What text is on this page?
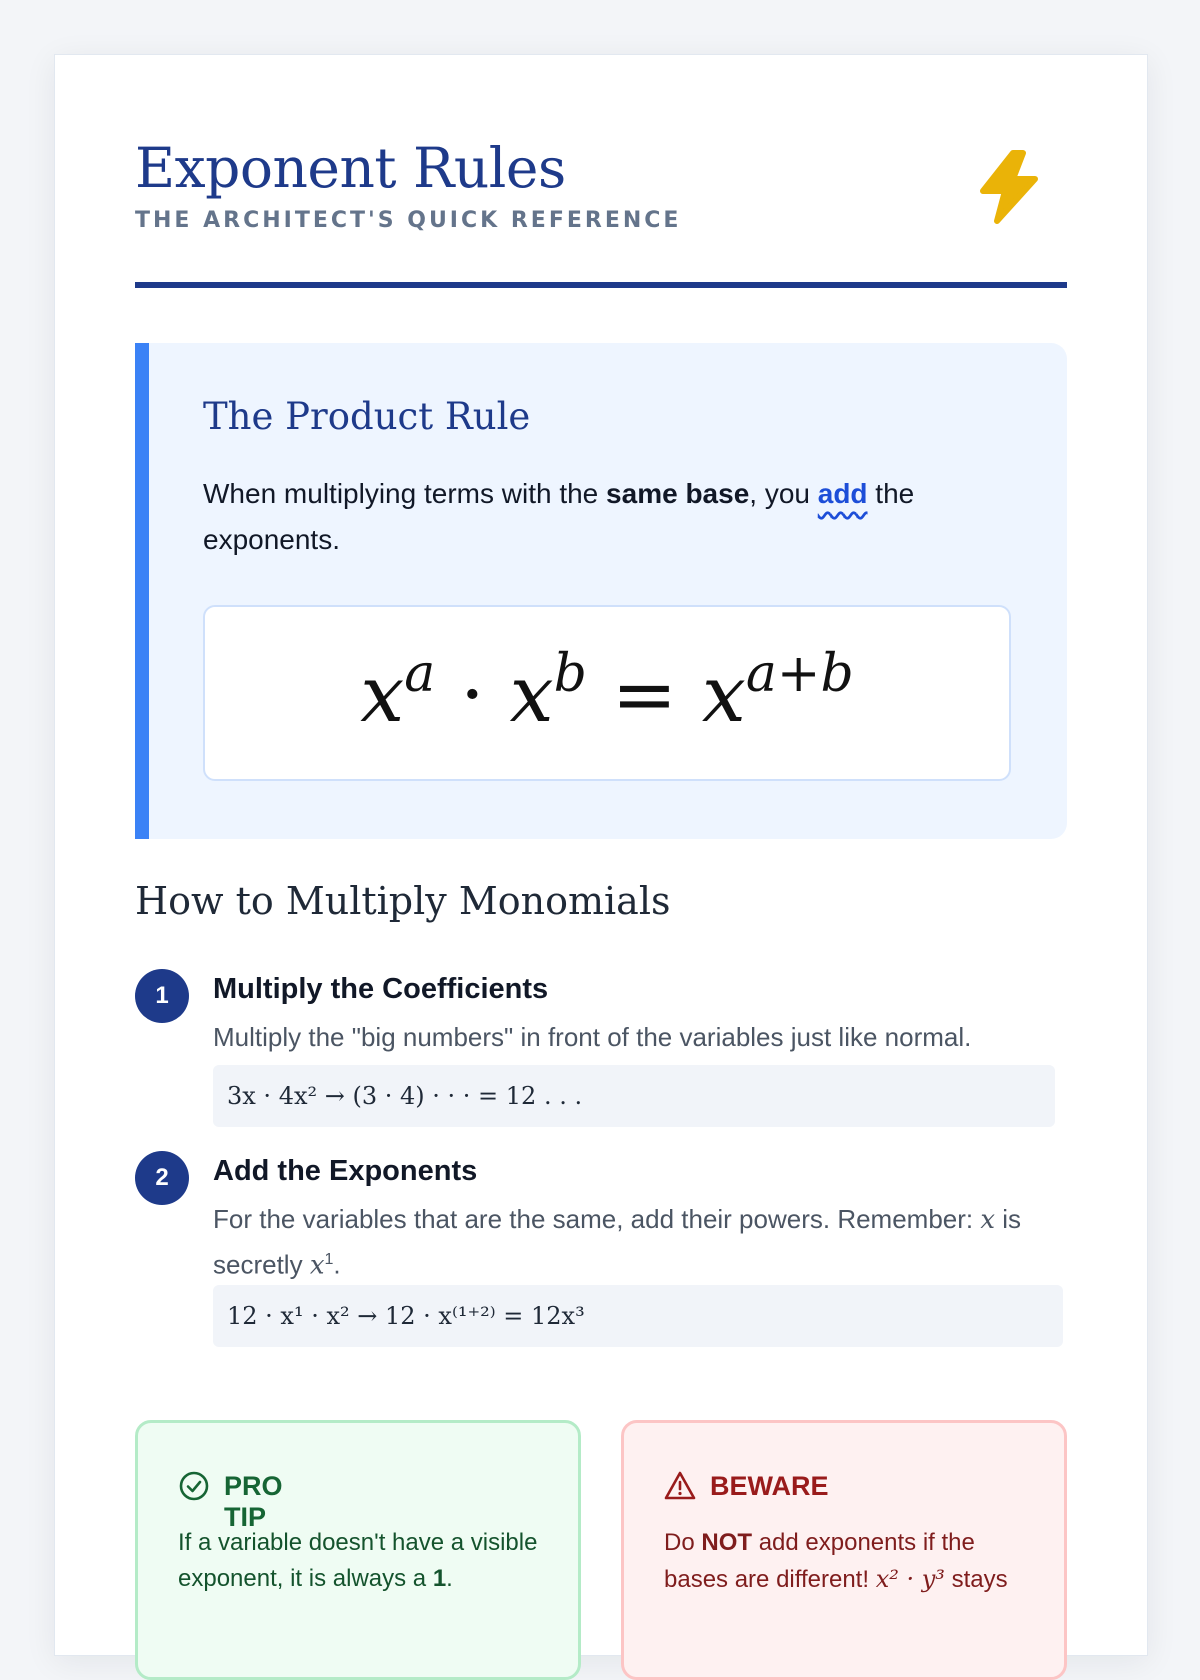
Exponent Rules
THE ARCHITECT'S QUICK REFERENCE
The Product Rule

When multiplying terms with the same base, you add the exponents.

$x^a \cdot x^b = x^{a+b}$
How to Multiply Monomials
1	Multiply the Coefficients
Multiply the "big numbers" in front of the variables just like normal.
3x · 4x² → (3 · 4) · · · = 12 . . .
2	Add the Exponents
For the variables that are the same, add their powers. Remember: x is secretly $x^1$.
12 · x¹ · x² → 12 · x⁽¹⁺²⁾ = 12x³
PRO TIP
If a variable doesn't have a visible exponent, it is always a 1.
BEWARE
Do NOT add exponents if the bases are different! x² · y³ stays
